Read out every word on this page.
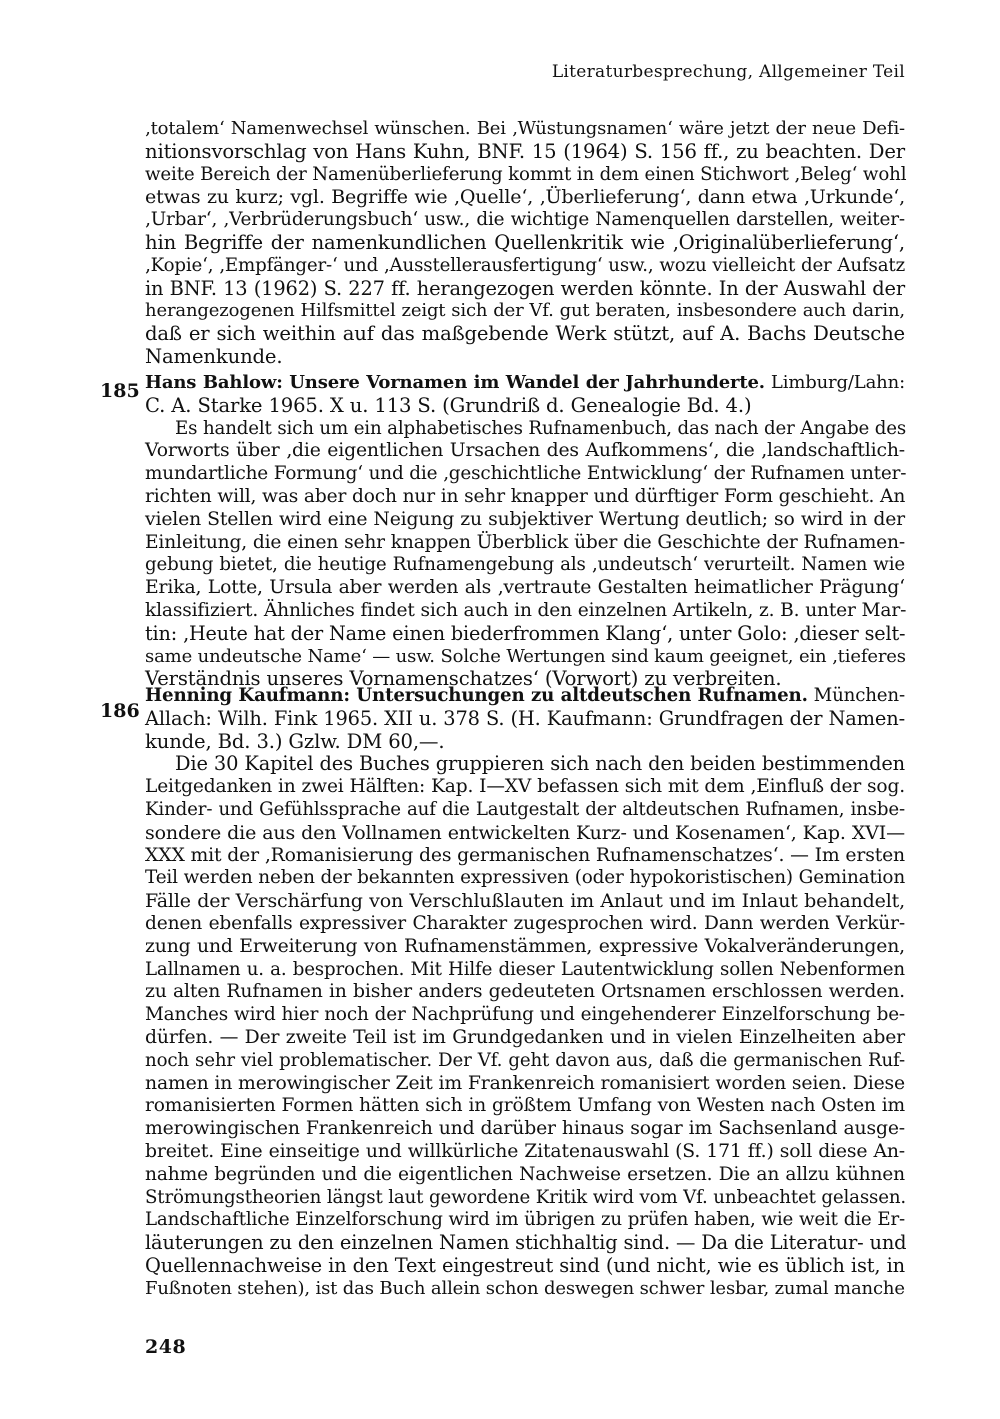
Literaturbesprechung, Allgemeiner Teil
‚totalem‘ Namenwechsel wünschen. Bei ‚Wüstungsnamen‘ wäre jetzt der neue Defi-
nitionsvorschlag von Hans Kuhn, BNF. 15 (1964) S. 156 ff., zu beachten. Der
weite Bereich der Namenüberlieferung kommt in dem einen Stichwort ‚Beleg‘ wohl
etwas zu kurz; vgl. Begriffe wie ‚Quelle‘, ‚Überlieferung‘, dann etwa ‚Urkunde‘,
‚Urbar‘, ‚Verbrüderungsbuch‘ usw., die wichtige Namenquellen darstellen, weiter-
hin Begriffe der namenkundlichen Quellenkritik wie ‚Originalüberlieferung‘,
‚Kopie‘, ‚Empfänger-‘ und ‚Ausstellerausfertigung‘ usw., wozu vielleicht der Aufsatz
in BNF. 13 (1962) S. 227 ff. herangezogen werden könnte. In der Auswahl der
herangezogenen Hilfsmittel zeigt sich der Vf. gut beraten, insbesondere auch darin,
daß er sich weithin auf das maßgebende Werk stützt, auf A. Bachs Deutsche
Namenkunde.
185 Hans Bahlow: Unsere Vornamen im Wandel der Jahrhunderte. Limburg/Lahn:
C. A. Starke 1965. X u. 113 S. (Grundriß d. Genealogie Bd. 4.)
Es handelt sich um ein alphabetisches Rufnamenbuch, das nach der Angabe des
Vorworts über ‚die eigentlichen Ursachen des Aufkommens‘, die ‚landschaftlich-
mundartliche Formung‘ und die ‚geschichtliche Entwicklung‘ der Rufnamen unter-
richten will, was aber doch nur in sehr knapper und dürftiger Form geschieht. An
vielen Stellen wird eine Neigung zu subjektiver Wertung deutlich; so wird in der
Einleitung, die einen sehr knappen Überblick über die Geschichte der Rufnamen-
gebung bietet, die heutige Rufnamengebung als ‚undeutsch‘ verurteilt. Namen wie
Erika, Lotte, Ursula aber werden als ‚vertraute Gestalten heimatlicher Prägung‘
klassifiziert. Ähnliches findet sich auch in den einzelnen Artikeln, z. B. unter Mar-
tin: ‚Heute hat der Name einen biederfrommen Klang‘, unter Golo: ‚dieser selt-
same undeutsche Name‘ — usw. Solche Wertungen sind kaum geeignet, ein ‚tieferes
Verständnis unseres Vornamenschatzes‘ (Vorwort) zu verbreiten.
186
Henning Kaufmann: Untersuchungen zu altdeutschen Rufnamen. München-
Allach: Wilh. Fink 1965. XII u. 378 S. (H. Kaufmann: Grundfragen der Namen-
kunde, Bd. 3.) Gzlw. DM 60,—.
Die 30 Kapitel des Buches gruppieren sich nach den beiden bestimmenden
Leitgedanken in zwei Hälften: Kap. I—XV befassen sich mit dem ‚Einfluß der sog.
Kinder- und Gefühlssprache auf die Lautgestalt der altdeutschen Rufnamen, insbe-
sondere die aus den Vollnamen entwickelten Kurz- und Kosenamen‘, Kap. XVI—
XXX mit der ‚Romanisierung des germanischen Rufnamenschatzes‘. — Im ersten
Teil werden neben der bekannten expressiven (oder hypokoristischen) Gemination
Fälle der Verschärfung von Verschlußlauten im Anlaut und im Inlaut behandelt,
denen ebenfalls expressiver Charakter zugesprochen wird. Dann werden Verkür-
zung und Erweiterung von Rufnamenstämmen, expressive Vokalveränderungen,
Lallnamen u. a. besprochen. Mit Hilfe dieser Lautentwicklung sollen Nebenformen
zu alten Rufnamen in bisher anders gedeuteten Ortsnamen erschlossen werden.
Manches wird hier noch der Nachprüfung und eingehenderer Einzelforschung be-
dürfen. — Der zweite Teil ist im Grundgedanken und in vielen Einzelheiten aber
noch sehr viel problematischer. Der Vf. geht davon aus, daß die germanischen Ruf-
namen in merowingischer Zeit im Frankenreich romanisiert worden seien. Diese
romanisierten Formen hätten sich in größtem Umfang von Westen nach Osten im
merowingischen Frankenreich und darüber hinaus sogar im Sachsenland ausge-
breitet. Eine einseitige und willkürliche Zitatenauswahl (S. 171 ff.) soll diese An-
nahme begründen und die eigentlichen Nachweise ersetzen. Die an allzu kühnen
Strömungstheorien längst laut gewordene Kritik wird vom Vf. unbeachtet gelassen.
Landschaftliche Einzelforschung wird im übrigen zu prüfen haben, wie weit die Er-
läuterungen zu den einzelnen Namen stichhaltig sind. — Da die Literatur- und
Quellennachweise in den Text eingestreut sind (und nicht, wie es üblich ist, in
Fußnoten stehen), ist das Buch allein schon deswegen schwer lesbar, zumal manche
248
